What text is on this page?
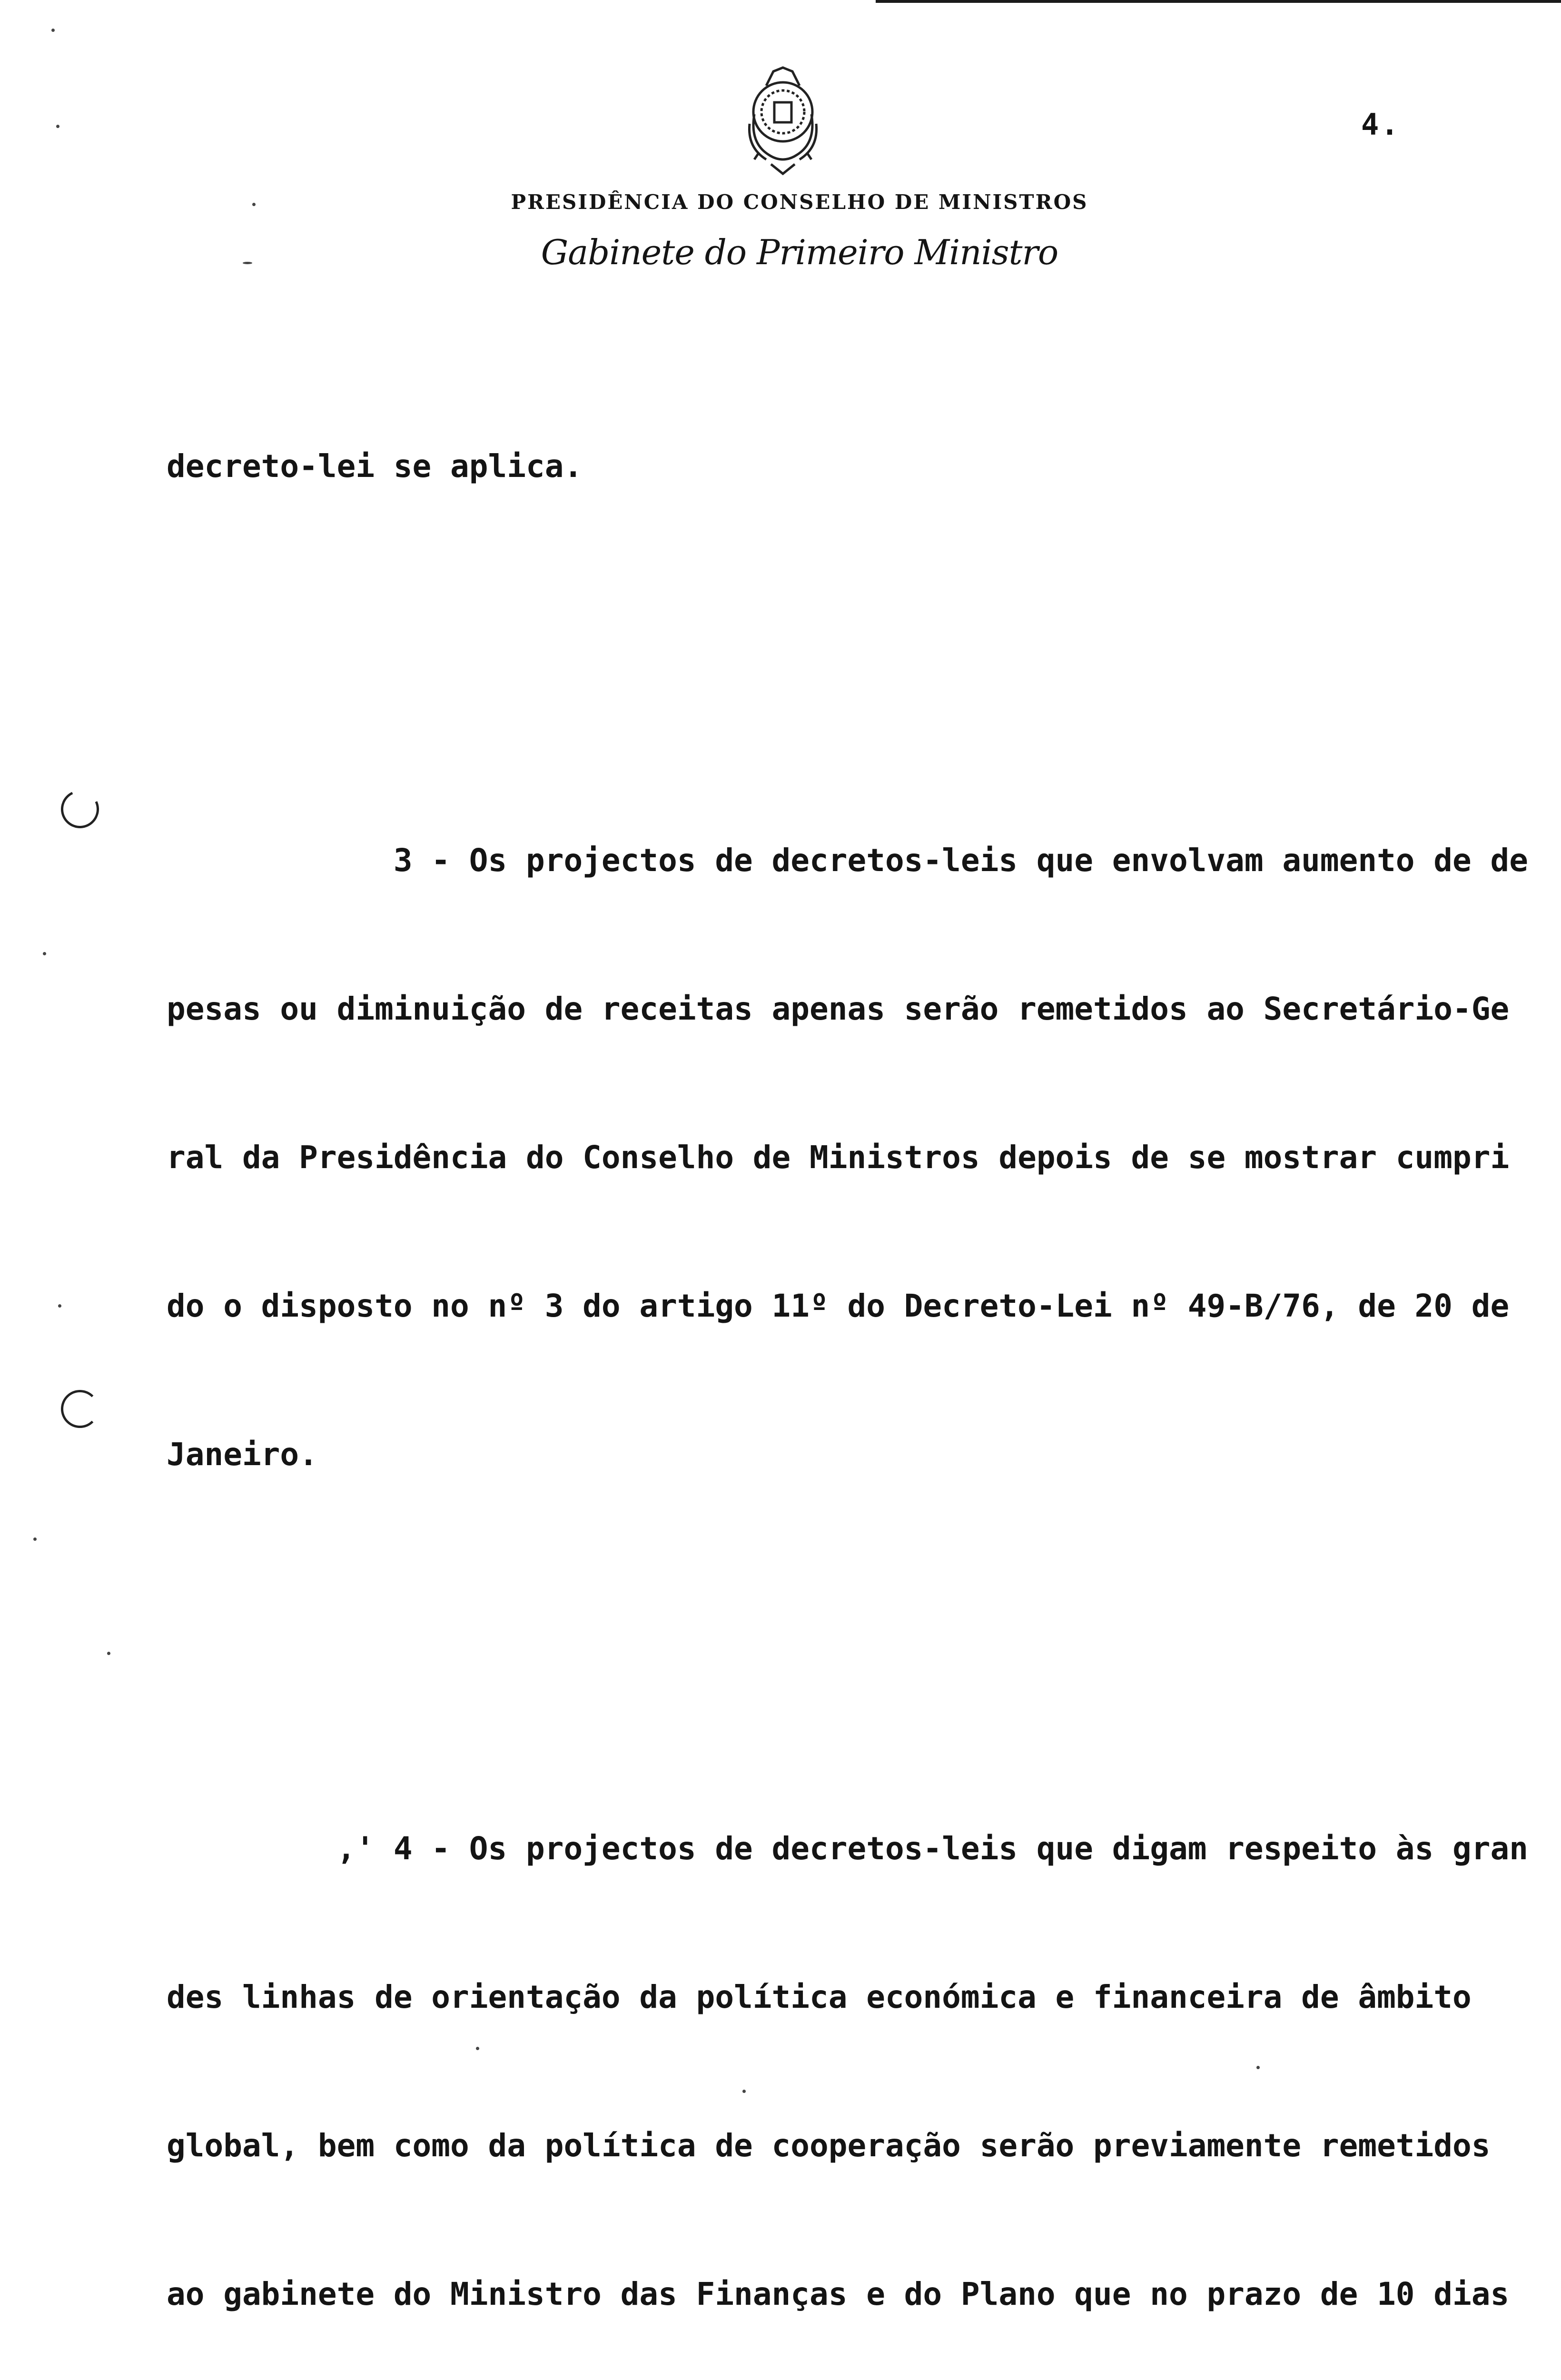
4.
PRESIDÊNCIA DO CONSELHO DE MINISTROS
Gabinete do Primeiro Ministro

decreto-lei se aplica.

3 - Os projectos de decretos-leis que envolvam aumento de de

pesas ou diminuição de receitas apenas serão remetidos ao Secretário-Ge

ral da Presidência do Conselho de Ministros depois de se mostrar cumpri

do o disposto no nº 3 do artigo 11º do Decreto-Lei nº 49-B/76, de 20 de

Janeiro.

,' 4 - Os projectos de decretos-leis que digam respeito às gran

des linhas de orientação da política económica e financeira de âmbito

global, bem como da política de cooperação serão previamente remetidos

ao gabinete do Ministro das Finanças e do Plano que no prazo de 10 dias
